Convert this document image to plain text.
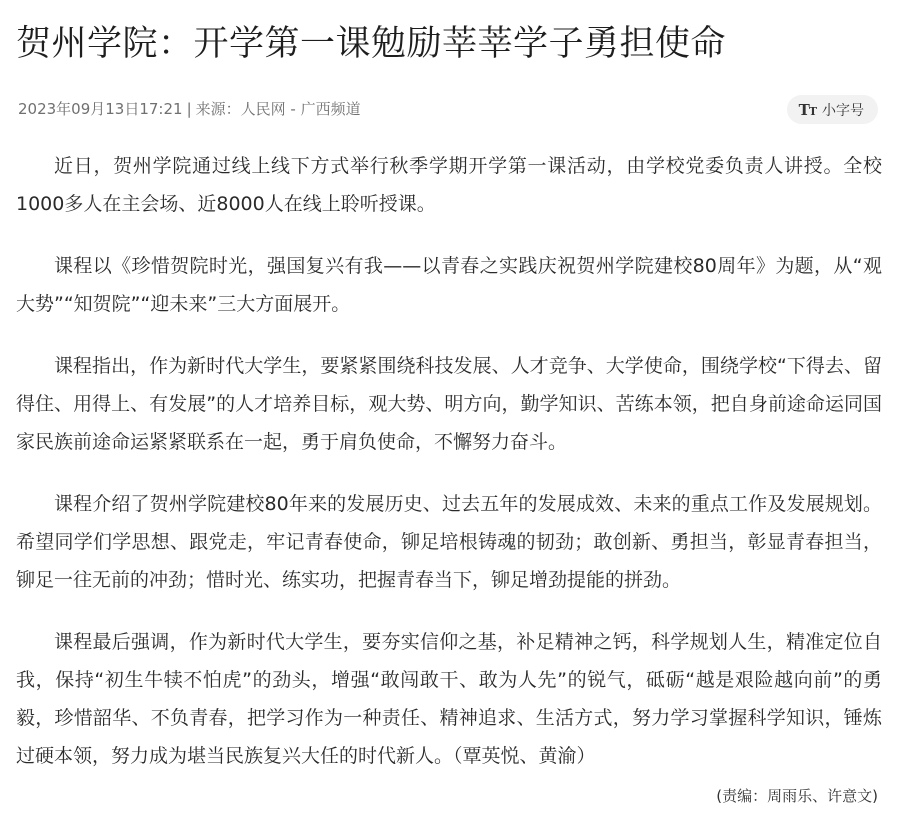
贺州学院：开学第一课勉励莘莘学子勇担使命
2023年09月13日17:21 | 来源：人民网 - 广西频道	TT 小字号

近日，贺州学院通过线上线下方式举行秋季学期开学第一课活动，由学校党委负责人讲授。全校1000多人在主会场、近8000人在线上聆听授课。

课程以《珍惜贺院时光，强国复兴有我——以青春之实践庆祝贺州学院建校80周年》为题，从“观大势”“知贺院”“迎未来”三大方面展开。

课程指出，作为新时代大学生，要紧紧围绕科技发展、人才竞争、大学使命，围绕学校“下得去、留得住、用得上、有发展”的人才培养目标，观大势、明方向，勤学知识、苦练本领，把自身前途命运同国家民族前途命运紧紧联系在一起，勇于肩负使命，不懈努力奋斗。

课程介绍了贺州学院建校80年来的发展历史、过去五年的发展成效、未来的重点工作及发展规划。希望同学们学思想、跟党走，牢记青春使命，铆足培根铸魂的韧劲；敢创新、勇担当，彰显青春担当，铆足一往无前的冲劲；惜时光、练实功，把握青春当下，铆足增劲提能的拼劲。

课程最后强调，作为新时代大学生，要夯实信仰之基，补足精神之钙，科学规划人生，精准定位自我，保持“初生牛犊不怕虎”的劲头，增强“敢闯敢干、敢为人先”的锐气，砥砺“越是艰险越向前”的勇毅，珍惜韶华、不负青春，把学习作为一种责任、精神追求、生活方式，努力学习掌握科学知识，锤炼过硬本领，努力成为堪当民族复兴大任的时代新人。（覃英悦、黄渝）

(责编：周雨乐、许意文)
